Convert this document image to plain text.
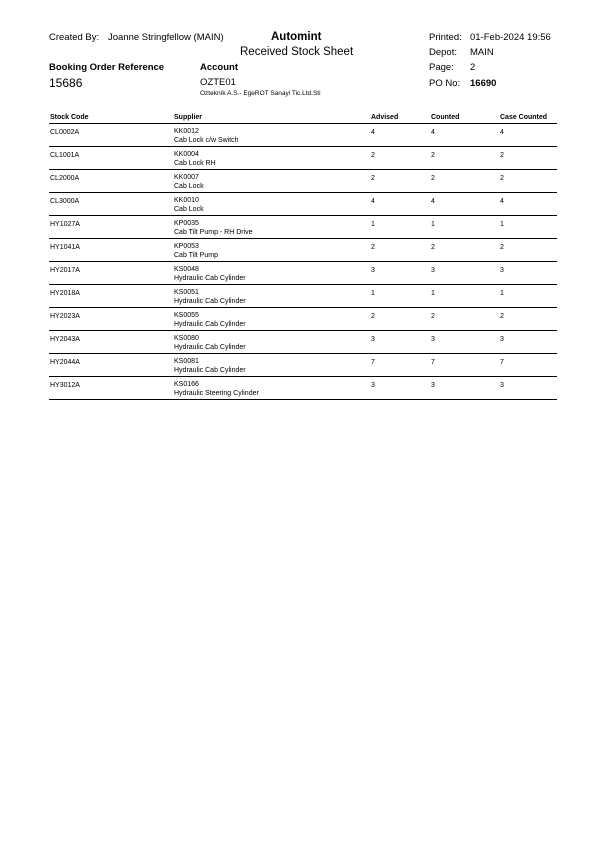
Created By: Joanne Stringfellow (MAIN)	Automint
Received Stock Sheet
Printed: 01-Feb-2024 19:56
Depot: MAIN
Booking Order Reference	Account	Page: 2
15686	OZTE01
Oztekník A.S.- EgeROT Sanayi Tic.Ltd.Sti
PO No: 16690
Stock Code	Supplier	Advised	Counted	Case Counted
CL0002A	KK0012
Cab Lock c/w Switch
4	4	4
CL1001A	KK0004
Cab Lock RH
2	2	2
CL2000A	KK0007
Cab Lock
2	2	2
CL3000A	KK0010
Cab Lock
4	4	4
HY1027A	KP0035
Cab Tilt Pump - RH Drive
1	1	1
HY1041A	KP0053
Cab Tilt Pump
2	2	2
HY2017A	KS0048
Hydraulic Cab Cylinder
3	3	3
HY2018A	KS0051
Hydraulic Cab Cylinder
1	1	1
HY2023A	KS0055
Hydraulic Cab Cylinder
2	2	2
HY2043A	KS0080
Hydraulic Cab Cylinder
3	3	3
HY2044A	KS0081
Hydraulic Cab Cylinder
7	7	7
HY3012A	KS0166
Hydraulic Steering Cylinder
3	3	3
